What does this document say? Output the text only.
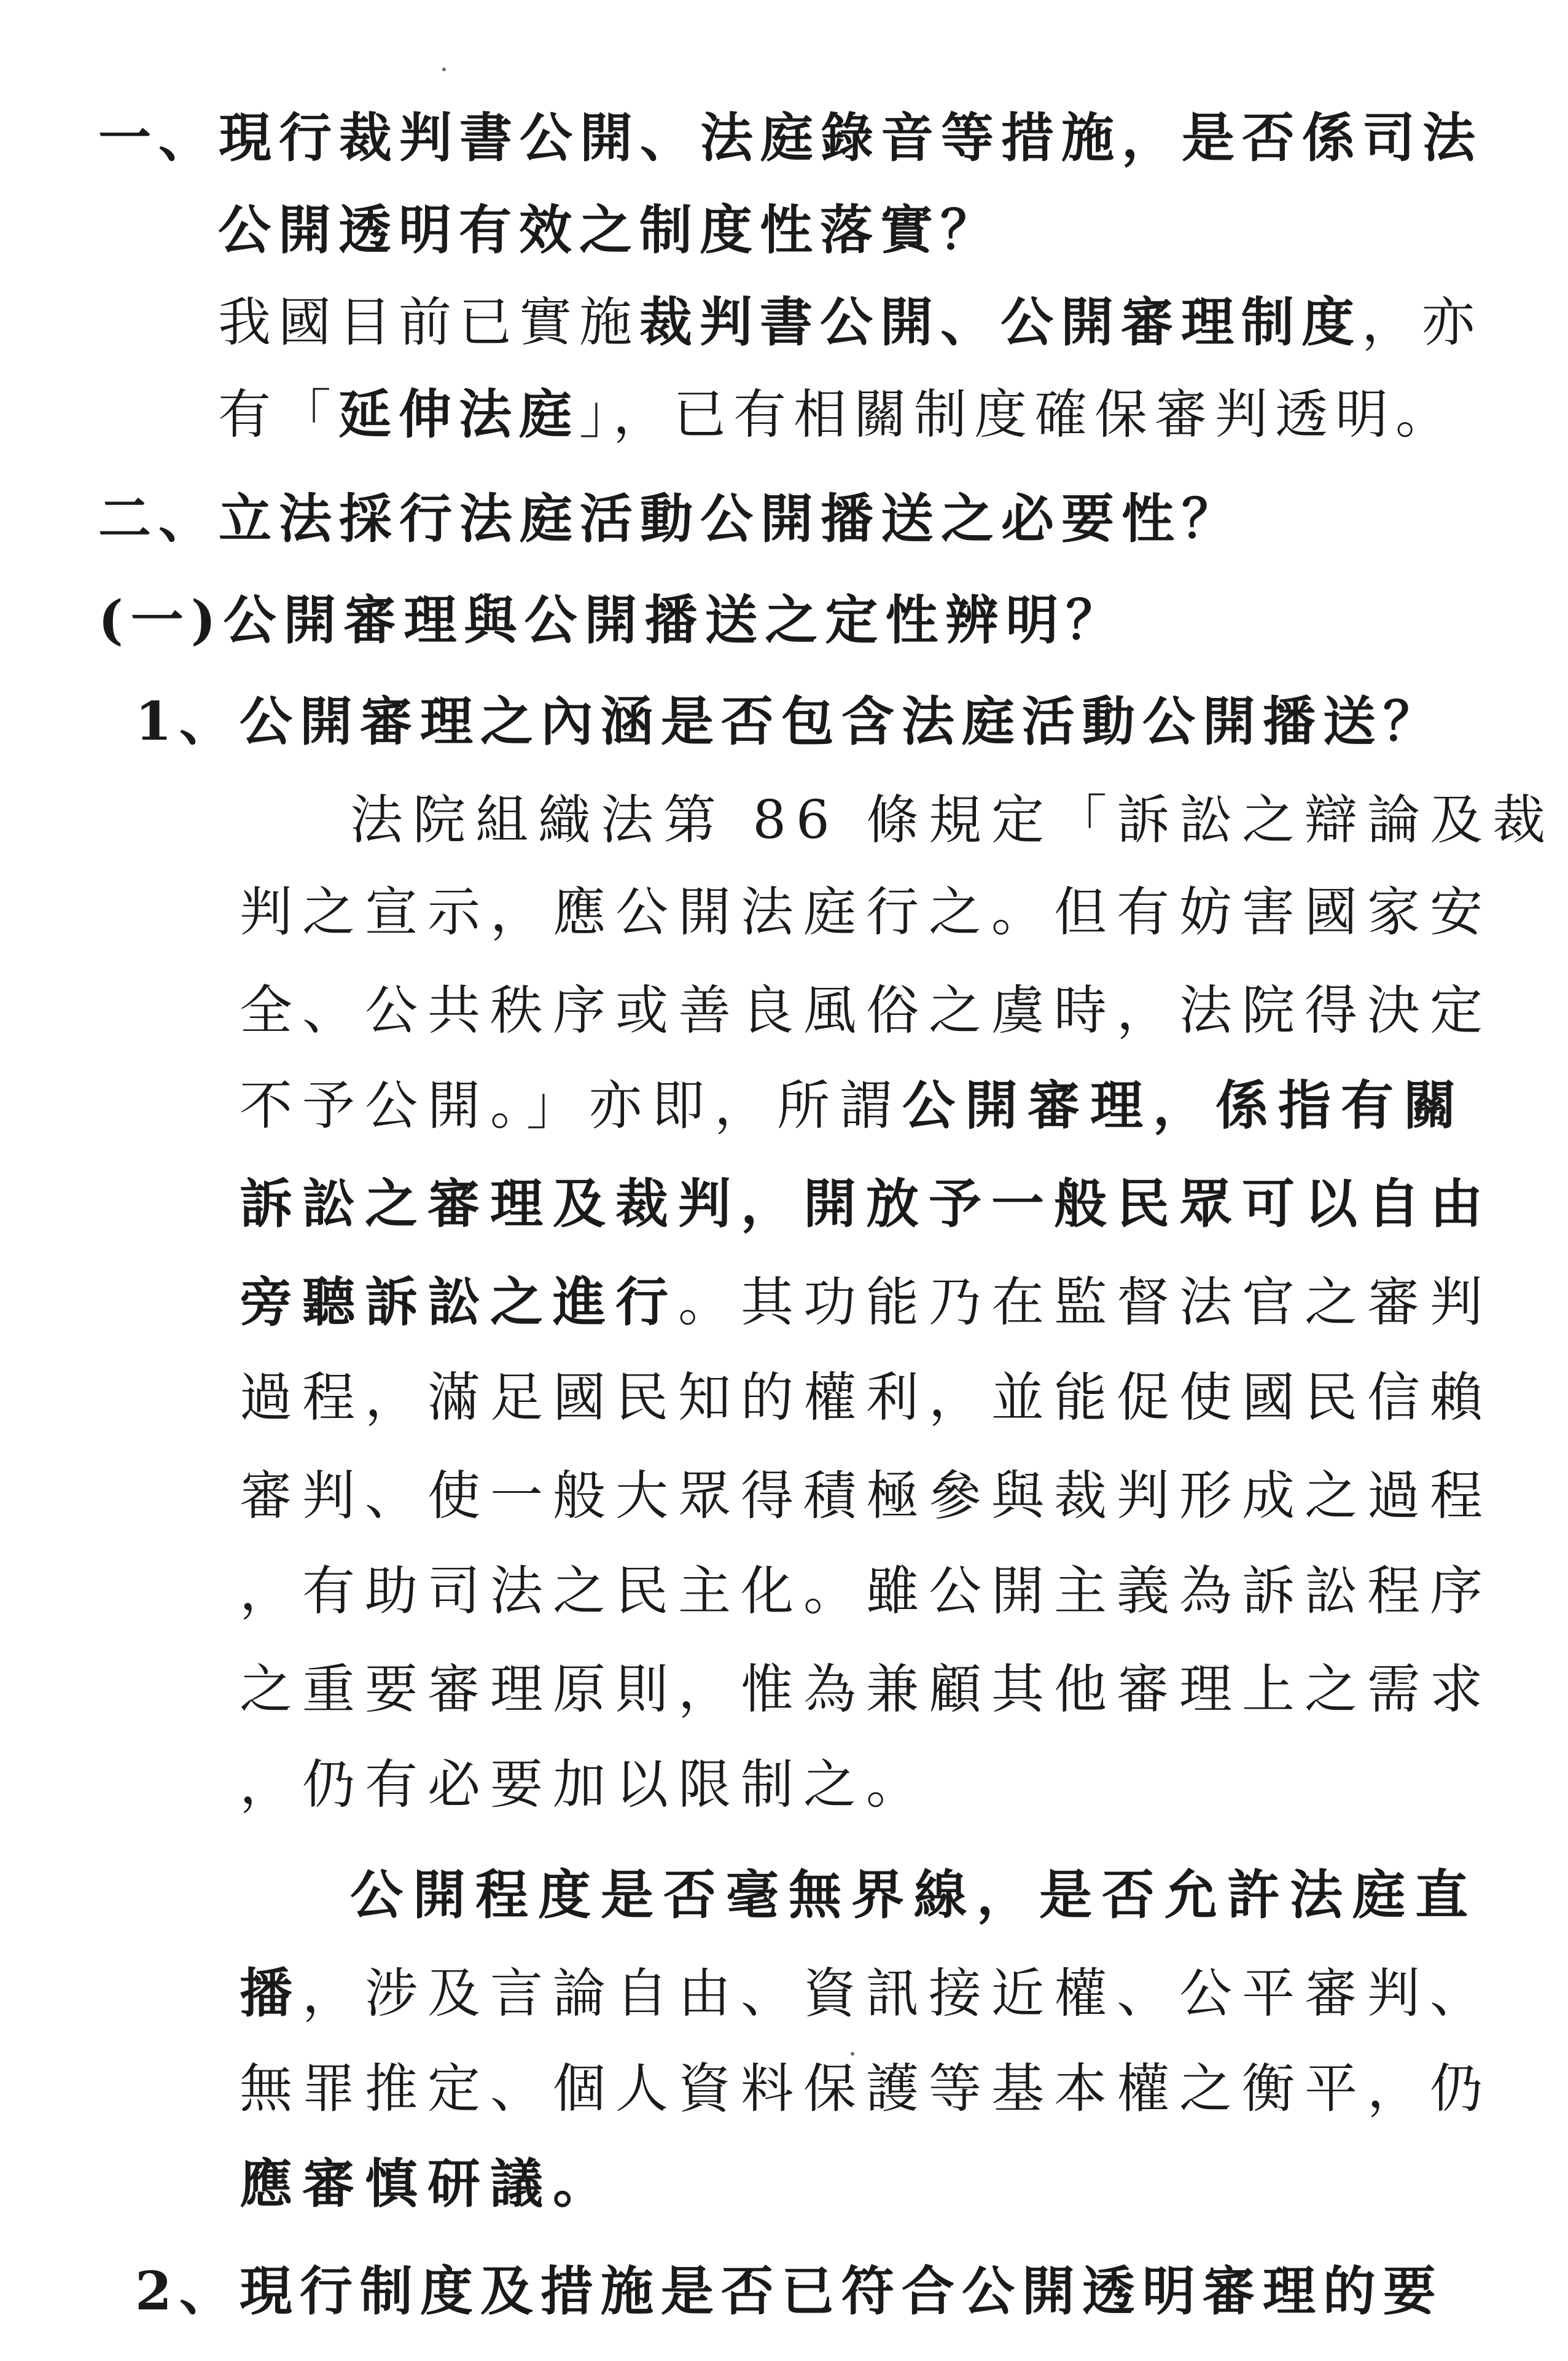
一、現行裁判書公開、法庭錄音等措施，是否係司法
公開透明有效之制度性落實？
我國目前已實施裁判書公開、公開審理制度，亦
有「延伸法庭」，已有相關制度確保審判透明。
二、立法採行法庭活動公開播送之必要性？
(一)公開審理與公開播送之定性辨明？
1、公開審理之內涵是否包含法庭活動公開播送？
法院組織法第 86 條規定「訴訟之辯論及裁
判之宣示，應公開法庭行之。但有妨害國家安
全、公共秩序或善良風俗之虞時，法院得決定
不予公開。」亦即，所謂公開審理，係指有關
訴訟之審理及裁判，開放予一般民眾可以自由
旁聽訴訟之進行。其功能乃在監督法官之審判
過程，滿足國民知的權利，並能促使國民信賴
審判、使一般大眾得積極參與裁判形成之過程
，有助司法之民主化。雖公開主義為訴訟程序
之重要審理原則，惟為兼顧其他審理上之需求
，仍有必要加以限制之。
公開程度是否毫無界線，是否允許法庭直
播，涉及言論自由、資訊接近權、公平審判、
無罪推定、個人資料保護等基本權之衡平，仍
應審慎研議。
2、現行制度及措施是否已符合公開透明審理的要
